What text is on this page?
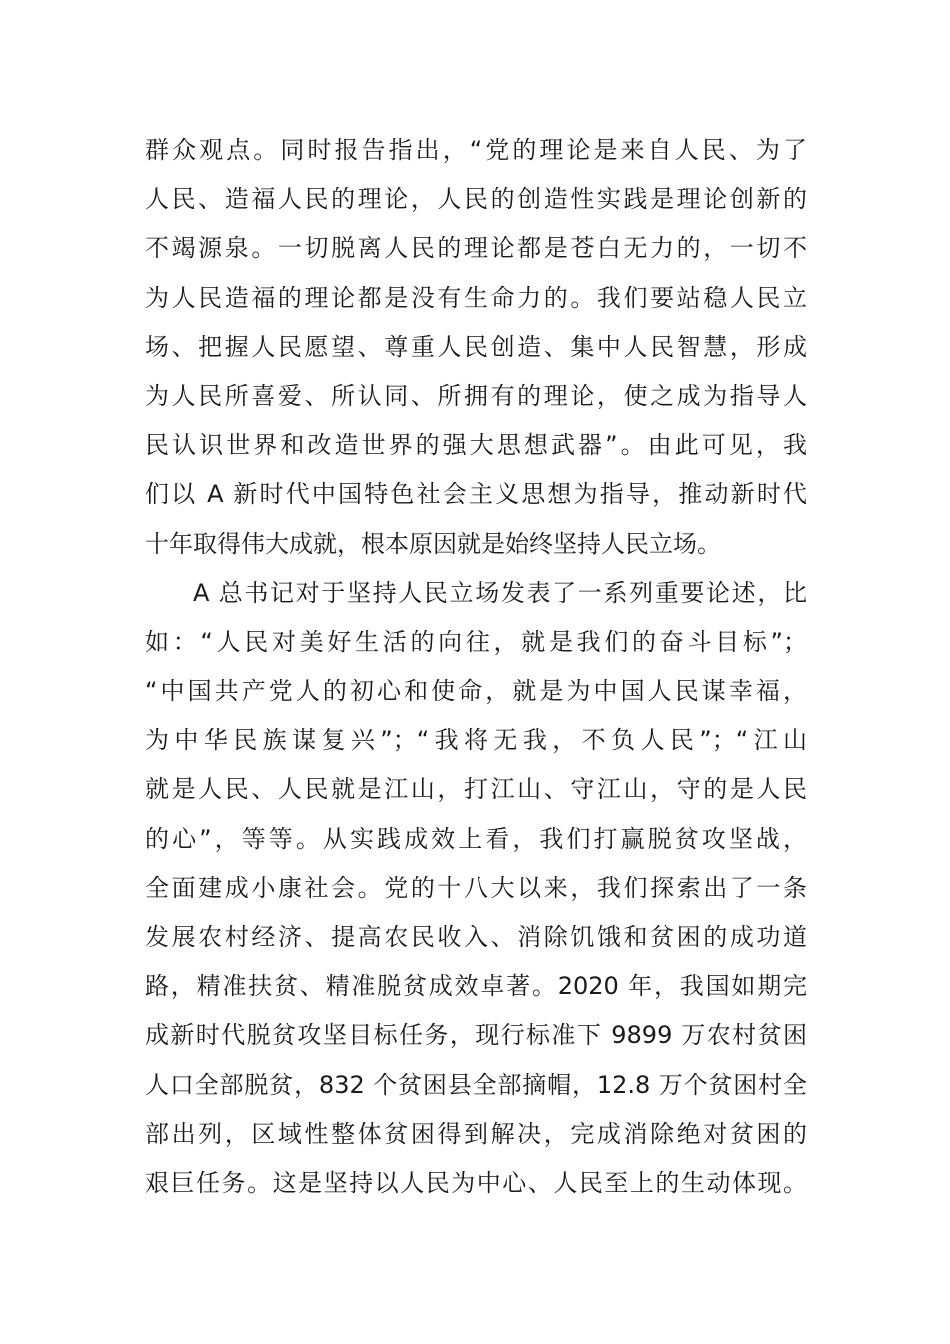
群众观点。同时报告指出，“党的理论是来自人民、为了
人民、造福人民的理论，人民的创造性实践是理论创新的
不竭源泉。一切脱离人民的理论都是苍白无力的，一切不
为人民造福的理论都是没有生命力的。我们要站稳人民立
场、把握人民愿望、尊重人民创造、集中人民智慧，形成
为人民所喜爱、所认同、所拥有的理论，使之成为指导人
民认识世界和改造世界的强大思想武器”。由此可见，我
们以 A 新时代中国特色社会主义思想为指导，推动新时代
十年取得伟大成就，根本原因就是始终坚持人民立场。
A 总书记对于坚持人民立场发表了一系列重要论述，比
如：“人民对美好生活的向往，就是我们的奋斗目标”；
“中国共产党人的初心和使命，就是为中国人民谋幸福，
为中华民族谋复兴”；“我将无我，不负人民”；“江山
就是人民、人民就是江山，打江山、守江山，守的是人民
的心”，等等。从实践成效上看，我们打赢脱贫攻坚战，
全面建成小康社会。党的十八大以来，我们探索出了一条
发展农村经济、提高农民收入、消除饥饿和贫困的成功道
路，精准扶贫、精准脱贫成效卓著。2020 年，我国如期完
成新时代脱贫攻坚目标任务，现行标准下 9899 万农村贫困
人口全部脱贫，832 个贫困县全部摘帽，12.8 万个贫困村全
部出列，区域性整体贫困得到解决，完成消除绝对贫困的
艰巨任务。这是坚持以人民为中心、人民至上的生动体现。
